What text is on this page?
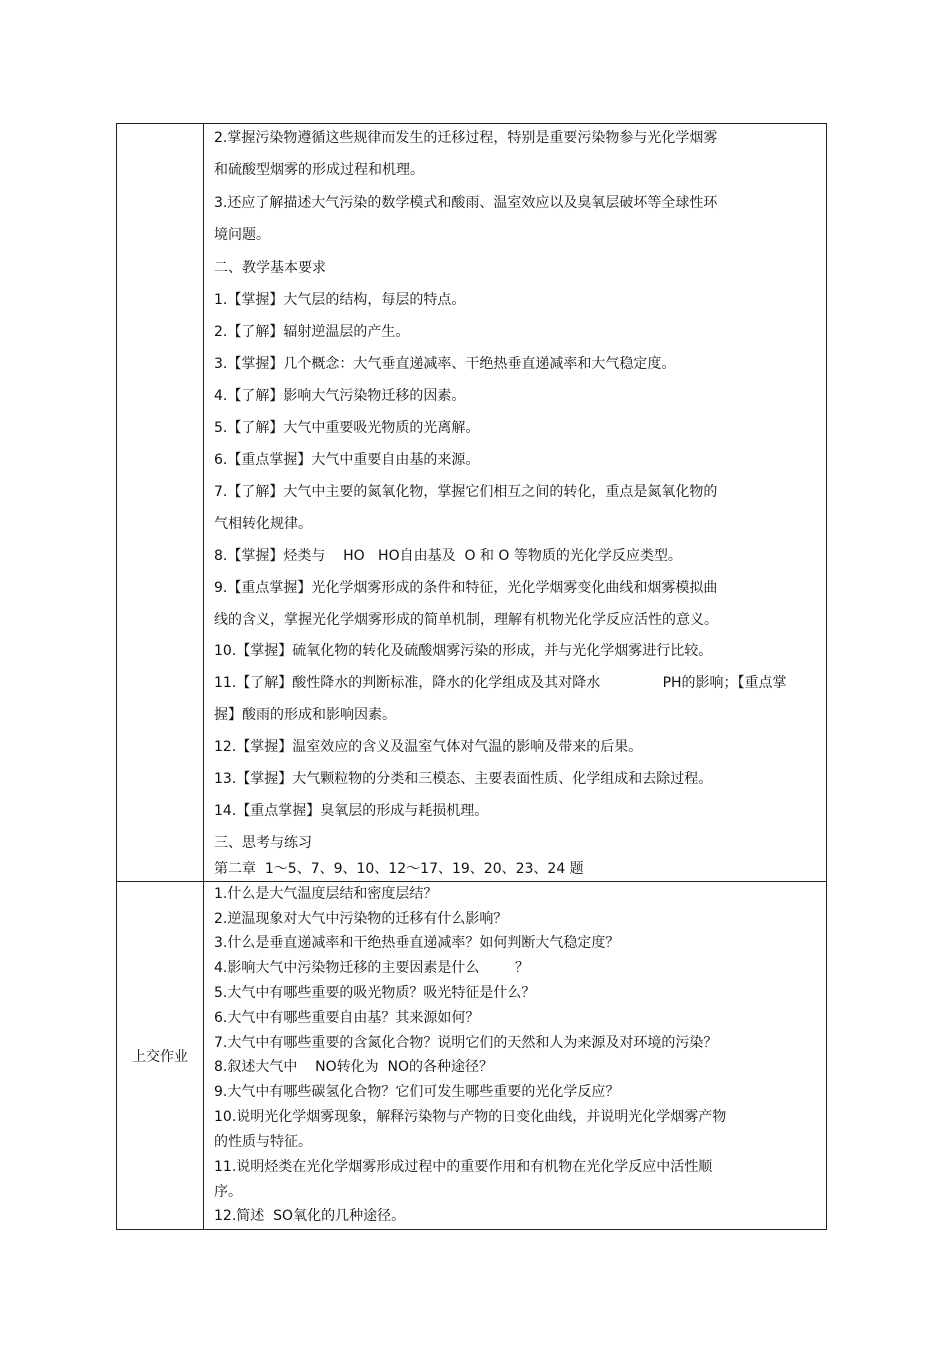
2.掌握污染物遵循这些规律而发生的迁移过程，特别是重要污染物参与光化学烟雾
和硫酸型烟雾的形成过程和机理。
3.还应了解描述大气污染的数学模式和酸雨、温室效应以及臭氧层破坏等全球性环
境问题。
二、教学基本要求
1.【掌握】大气层的结构，每层的特点。
2.【了解】辐射逆温层的产生。
3.【掌握】几个概念：大气垂直递减率、干绝热垂直递减率和大气稳定度。
4.【了解】影响大气污染物迁移的因素。
5.【了解】大气中重要吸光物质的光离解。
6.【重点掌握】大气中重要自由基的来源。
7.【了解】大气中主要的氮氧化物，掌握它们相互之间的转化，重点是氮氧化物的
气相转化规律。
8.【掌握】烃类与    HO   HO自由基及  O 和 O 等物质的光化学反应类型。
9.【重点掌握】光化学烟雾形成的条件和特征，光化学烟雾变化曲线和烟雾模拟曲
线的含义，掌握光化学烟雾形成的简单机制，理解有机物光化学反应活性的意义。
10.【掌握】硫氧化物的转化及硫酸烟雾污染的形成，并与光化学烟雾进行比较。
11.【了解】酸性降水的判断标准，降水的化学组成及其对降水              PH的影响；【重点掌
握】酸雨的形成和影响因素。
12.【掌握】温室效应的含义及温室气体对气温的影响及带来的后果。
13.【掌握】大气颗粒物的分类和三模态、主要表面性质、化学组成和去除过程。
14.【重点掌握】臭氧层的形成与耗损机理。
三、思考与练习
第二章  1～5、7、9、10、12～17、19、20、23、24 题
上交作业
1.什么是大气温度层结和密度层结？
2.逆温现象对大气中污染物的迁移有什么影响？
3.什么是垂直递减率和干绝热垂直递减率？如何判断大气稳定度？
4.影响大气中污染物迁移的主要因素是什么        ？
5.大气中有哪些重要的吸光物质？吸光特征是什么？
6.大气中有哪些重要自由基？其来源如何？
7.大气中有哪些重要的含氮化合物？说明它们的天然和人为来源及对环境的污染？
8.叙述大气中    NO转化为  NO的各种途径？
9.大气中有哪些碳氢化合物？它们可发生哪些重要的光化学反应？
10.说明光化学烟雾现象，解释污染物与产物的日变化曲线，并说明光化学烟雾产物
的性质与特征。
11.说明烃类在光化学烟雾形成过程中的重要作用和有机物在光化学反应中活性顺
序。
12.简述  SO氧化的几种途径。
